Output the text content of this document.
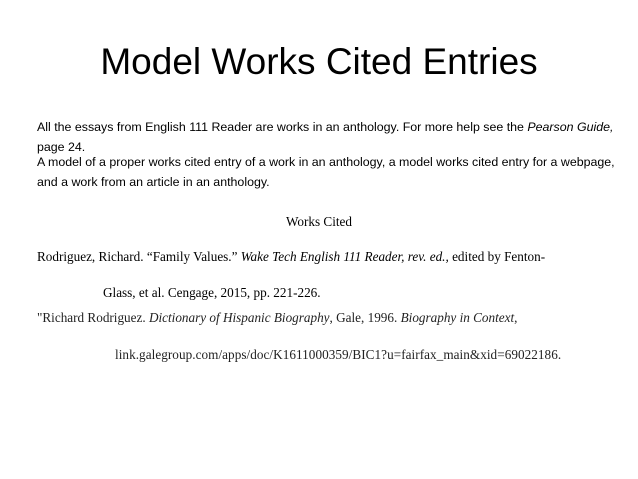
Model Works Cited Entries
All the essays from English 111 Reader are works in an anthology. For more help see the Pearson Guide, page 24.
A model of a proper works cited entry of a work in an anthology, a model works cited entry for a webpage, and a work from an article in an anthology.
Works Cited
Rodriguez, Richard. “Family Values.” Wake Tech English 111 Reader, rev. ed., edited by Fenton-
Glass, et al. Cengage, 2015, pp. 221-226.
"Richard Rodriguez. Dictionary of Hispanic Biography, Gale, 1996. Biography in Context,
link.galegroup.com/apps/doc/K1611000359/BIC1?u=fairfax_main&xid=69022186.
